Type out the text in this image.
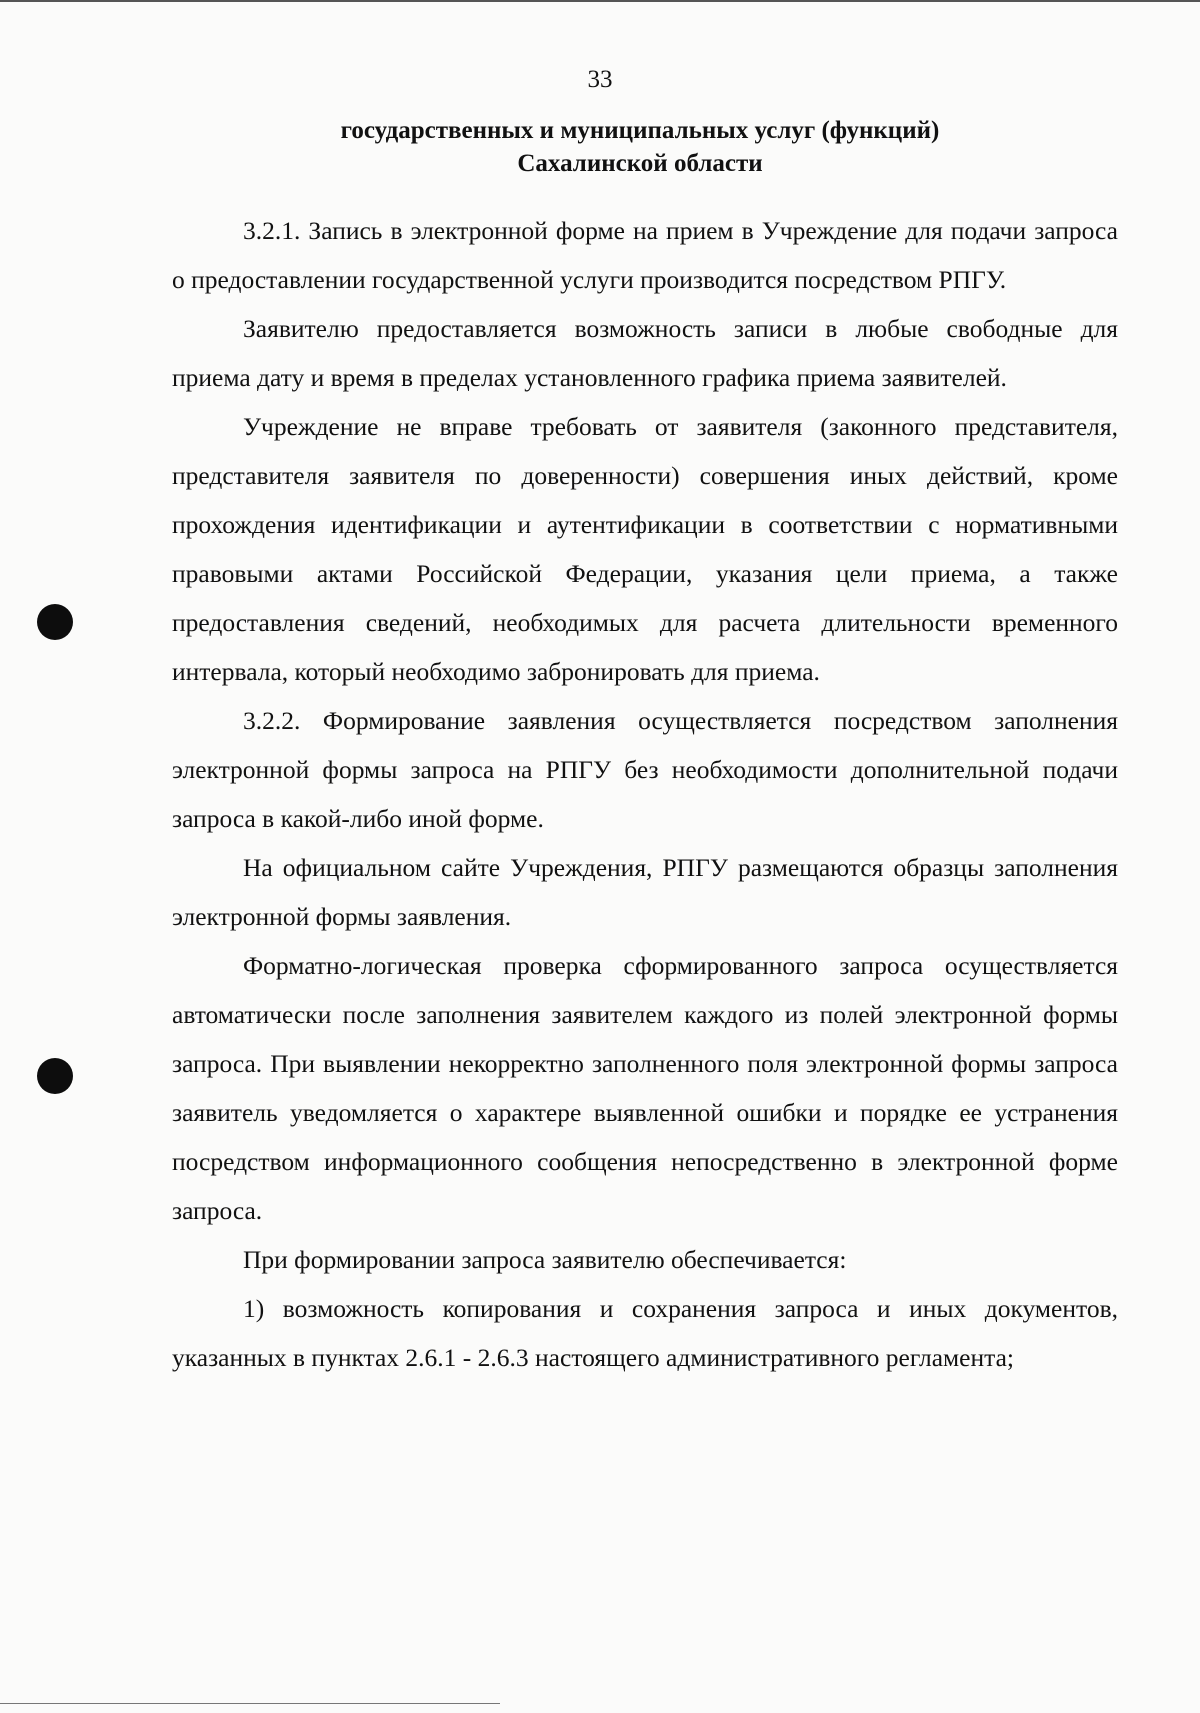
33
государственных и муниципальных услуг (функций)
Сахалинской области

3.2.1. Запись в электронной форме на прием в Учреждение для подачи запроса о предоставлении государственной услуги производится посредством РПГУ.

Заявителю предоставляется возможность записи в любые свободные для приема дату и время в пределах установленного графика приема заявителей.

Учреждение не вправе требовать от заявителя (законного представителя, представителя заявителя по доверенности) совершения иных действий, кроме прохождения идентификации и аутентификации в соответствии с нормативными правовыми актами Российской Федерации, указания цели приема, а также предоставления сведений, необходимых для расчета длительности временного интервала, который необходимо забронировать для приема.

3.2.2. Формирование заявления осуществляется посредством заполнения электронной формы запроса на РПГУ без необходимости дополнительной подачи запроса в какой-либо иной форме.

На официальном сайте Учреждения, РПГУ размещаются образцы заполнения электронной формы заявления.

Форматно-логическая проверка сформированного запроса осуществляется автоматически после заполнения заявителем каждого из полей электронной формы запроса. При выявлении некорректно заполненного поля электронной формы запроса заявитель уведомляется о характере выявленной ошибки и порядке ее устранения посредством информационного сообщения непосредственно в электронной форме запроса.

При формировании запроса заявителю обеспечивается:

1) возможность копирования и сохранения запроса и иных документов, указанных в пунктах 2.6.1 - 2.6.3 настоящего административного регламента;
